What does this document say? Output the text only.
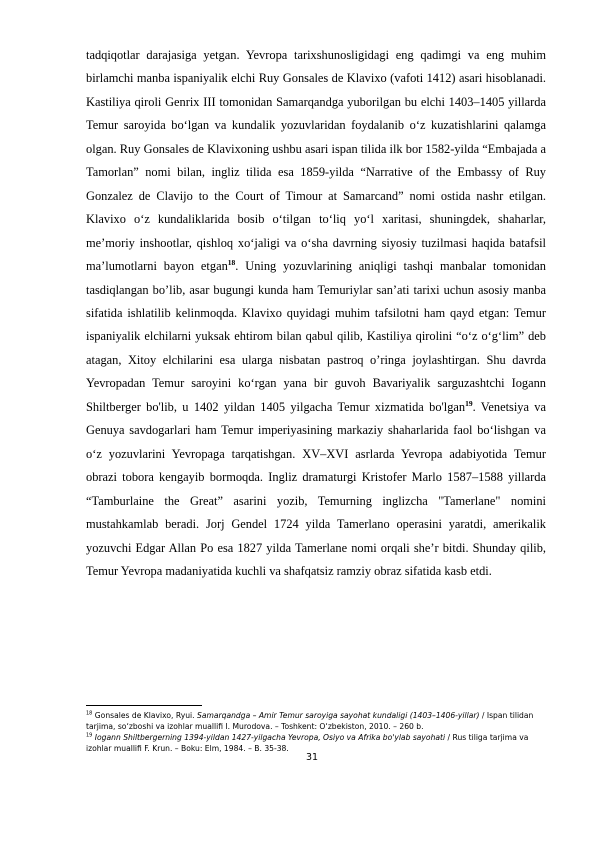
tadqiqotlar darajasiga yetgan. Yevropa tarixshunosligidagi eng qadimgi va eng muhim birlamchi manba ispaniyalik elchi Ruy Gonsales de Klavixo (vafoti 1412) asari hisoblanadi. Kastiliya qiroli Genrix III tomonidan Samarqandga yuborilgan bu elchi 1403–1405 yillarda Temur saroyida bo‘lgan va kundalik yozuvlaridan foydalanib o‘z kuzatishlarini qalamga olgan. Ruy Gonsales de Klavixoning ushbu asari ispan tilida ilk bor 1582-yilda “Embajada a Tamorlan” nomi bilan, ingliz tilida esa 1859-yilda “Narrative of the Embassy of Ruy Gonzalez de Clavijo to the Court of Timour at Samarcand” nomi ostida nashr etilgan. Klavixo o‘z kundaliklarida bosib o‘tilgan to‘liq yo‘l xaritasi, shuningdek, shaharlar, me’moriy inshootlar, qishloq xo‘jaligi va o‘sha davrning siyosiy tuzilmasi haqida batafsil ma’lumotlarni bayon etgan$^{18}$. Uning yozuvlarining aniqligi tashqi manbalar tomonidan tasdiqlangan bo’lib, asar bugungi kunda ham Temuriylar san’ati tarixi uchun asosiy manba sifatida ishlatilib kelinmoqda. Klavixo quyidagi muhim tafsilotni ham qayd etgan: Temur ispaniyalik elchilarni yuksak ehtirom bilan qabul qilib, Kastiliya qirolini “o‘z o‘g‘lim” deb atagan, Xitoy elchilarini esa ularga nisbatan pastroq o’ringa joylashtirgan. Shu davrda Yevropadan Temur saroyini ko‘rgan yana bir guvoh Bavariyalik sarguzashtchi Iogann Shiltberger bo'lib, u 1402 yildan 1405 yilgacha Temur xizmatida bo'lgan$^{19}$. Venetsiya va Genuya savdogarlari ham Temur imperiyasining markaziy shaharlarida faol bo‘lishgan va o‘z yozuvlarini Yevropaga tarqatishgan. XV–XVI asrlarda Yevropa adabiyotida Temur obrazi tobora kengayib bormoqda. Ingliz dramaturgi Kristofer Marlo 1587–1588 yillarda “Tamburlaine the Great” asarini yozib, Temurning inglizcha "Tamerlane" nomini mustahkamlab beradi. Jorj Gendel 1724 yilda Tamerlano operasini yaratdi, amerikalik yozuvchi Edgar Allan Po esa 1827 yilda Tamerlane nomi orqali she’r bitdi. Shunday qilib, Temur Yevropa madaniyatida kuchli va shafqatsiz ramziy obraz sifatida kasb etdi.

$^{18}$ Gonsales de Klavixo, Ryui. Samarqandga – Amir Temur saroyiga sayohat kundaligi (1403–1406-yillar) / Ispan tilidan tarjima, so‘zboshi va izohlar muallifi I. Murodova. – Toshkent: O‘zbekiston, 2010. – 260 b.

$^{19}$ Iogann Shiltbergerning 1394-yildan 1427-yilgacha Yevropa, Osiyo va Afrika bo'ylab sayohati / Rus tiliga tarjima va izohlar muallifi F. Krun. – Boku: Elm, 1984. – B. 35-38.

31
